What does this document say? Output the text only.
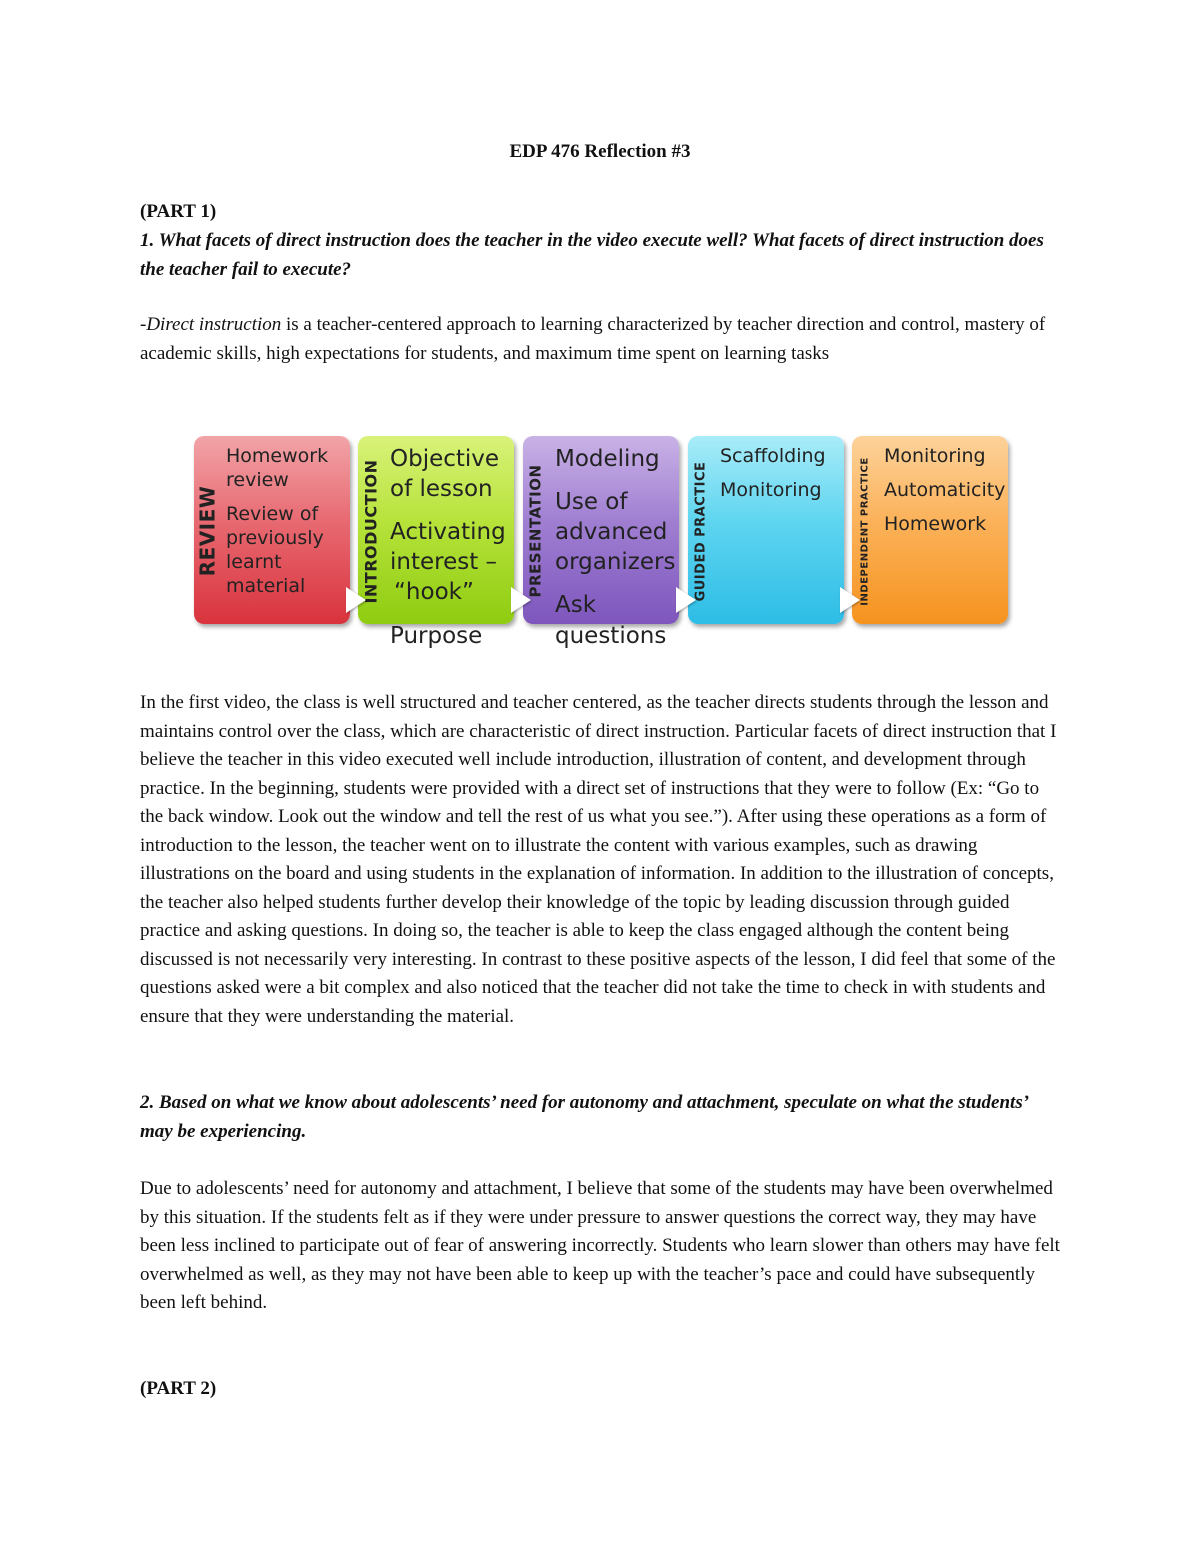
EDP 476 Reflection #3
(PART 1)
1. What facets of direct instruction does the teacher in the video execute well? What facets of direct instruction does the teacher fail to execute?
-Direct instruction is a teacher-centered approach to learning characterized by teacher direction and control, mastery of academic skills, high expectations for students, and maximum time spent on learning tasks
REVIEW
Homework
review
Review of
previously
learnt
material	INTRODUCTION Objective
of lesson
Activating
interest –
“hook”	PRESENTATION
Modeling
Use of
advanced
organizers GUIDED PRACTICE
Scaffolding
Monitoring	INDEPENDENT PRACTICE
Monitoring
Automaticity
Homework
Purpose
Ask
questions
In the first video, the class is well structured and teacher centered, as the teacher directs students through the lesson and maintains control over the class, which are characteristic of direct instruction. Particular facets of direct instruction that I believe the teacher in this video executed well include introduction, illustration of content, and development through practice. In the beginning, students were provided with a direct set of instructions that they were to follow (Ex: “Go to the back window. Look out the window and tell the rest of us what you see.”). After using these operations as a form of introduction to the lesson, the teacher went on to illustrate the content with various examples, such as drawing illustrations on the board and using students in the explanation of information. In addition to the illustration of concepts, the teacher also helped students further develop their knowledge of the topic by leading discussion through guided practice and asking questions. In doing so, the teacher is able to keep the class engaged although the content being discussed is not necessarily very interesting. In contrast to these positive aspects of the lesson, I did feel that some of the questions asked were a bit complex and also noticed that the teacher did not take the time to check in with students and ensure that they were understanding the material.
2. Based on what we know about adolescents’ need for autonomy and attachment, speculate on what the students’ may be experiencing.
Due to adolescents’ need for autonomy and attachment, I believe that some of the students may have been overwhelmed by this situation. If the students felt as if they were under pressure to answer questions the correct way, they may have been less inclined to participate out of fear of answering incorrectly. Students who learn slower than others may have felt overwhelmed as well, as they may not have been able to keep up with the teacher’s pace and could have subsequently been left behind.
(PART 2)
